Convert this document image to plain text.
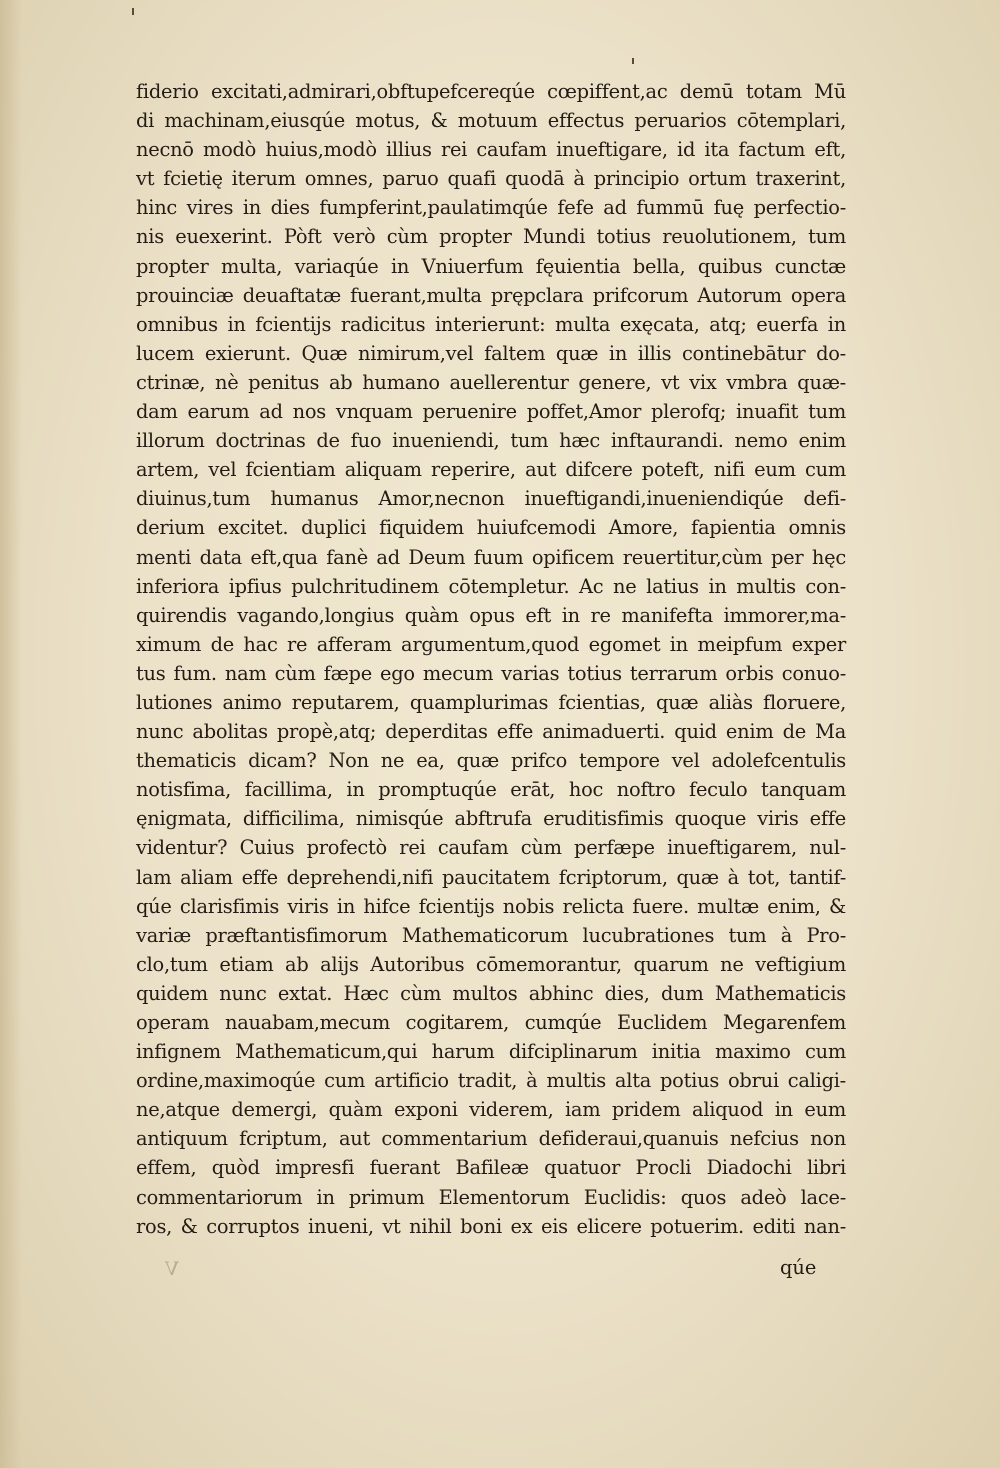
fiderio excitati,admirari,obftupefcereqúe cœpiffent,ac demū totam Mū
di machinam,eiusqúe motus, & motuum effectus peruarios cōtemplari,
necnō modò huius,modò illius rei caufam inueftigare, id ita factum eft,
vt fcietię iterum omnes, paruo quafi quodā à principio ortum traxerint,
hinc vires in dies fumpferint,paulatimqúe fefe ad fummū fuę perfectio-
nis euexerint. Pòft verò cùm propter Mundi totius reuolutionem, tum
propter multa, variaqúe in Vniuerfum fęuientia bella, quibus cunctæ
prouinciæ deuaftatæ fuerant,multa prępclara prifcorum Autorum opera
omnibus in fcientijs radicitus interierunt: multa exęcata, atq; euerfa in
lucem exierunt. Quæ nimirum,vel faltem quæ in illis continebātur do-
ctrinæ, nè penitus ab humano auellerentur genere, vt vix vmbra quæ-
dam earum ad nos vnquam peruenire poffet,Amor plerofq; inuafit tum
illorum doctrinas de fuo inueniendi, tum hæc inftaurandi. nemo enim
artem, vel fcientiam aliquam reperire, aut difcere poteft, nifi eum cum
diuinus,tum humanus Amor,necnon inueftigandi,inueniendiqúe defi-
derium excitet. duplici fiquidem huiufcemodi Amore, fapientia omnis
menti data eft,qua fanè ad Deum fuum opificem reuertitur,cùm per hęc
inferiora ipfius pulchritudinem cōtempletur. Ac ne latius in multis con-
quirendis vagando,longius quàm opus eft in re manifefta immorer,ma-
ximum de hac re afferam argumentum,quod egomet in meipfum exper
tus fum. nam cùm fæpe ego mecum varias totius terrarum orbis conuo-
lutiones animo reputarem, quamplurimas fcientias, quæ aliàs floruere,
nunc abolitas propè,atq; deperditas effe animaduerti. quid enim de Ma
thematicis dicam? Non ne ea, quæ prifco tempore vel adolefcentulis
notisfima, facillima, in promptuqúe erāt, hoc noftro feculo tanquam
ęnigmata, difficilima, nimisqúe abftrufa eruditisfimis quoque viris effe
videntur? Cuius profectò rei caufam cùm perfæpe inueftigarem, nul-
lam aliam effe deprehendi,nifi paucitatem fcriptorum, quæ à tot, tantif-
qúe clarisfimis viris in hifce fcientijs nobis relicta fuere. multæ enim, &
variæ præftantisfimorum Mathematicorum lucubrationes tum à Pro-
clo,tum etiam ab alijs Autoribus cōmemorantur, quarum ne veftigium
quidem nunc extat. Hæc cùm multos abhinc dies, dum Mathematicis
operam nauabam,mecum cogitarem, cumqúe Euclidem Megarenfem
infignem Mathematicum,qui harum difciplinarum initia maximo cum
ordine,maximoqúe cum artificio tradit, à multis alta potius obrui caligi-
ne,atque demergi, quàm exponi viderem, iam pridem aliquod in eum
antiquum fcriptum, aut commentarium defideraui,quanuis nefcius non
effem, quòd impresfi fuerant Bafileæ quatuor Procli Diadochi libri
commentariorum in primum Elementorum Euclidis: quos adeò lace-
ros, & corruptos inueni, vt nihil boni ex eis elicere potuerim. editi nan-
V	qúe
